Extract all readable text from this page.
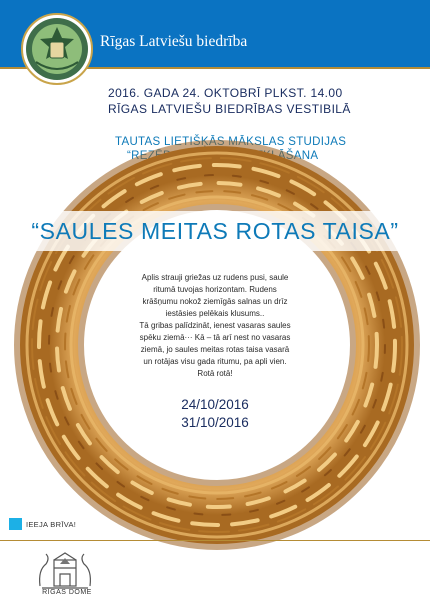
Rīgas Latviešu biedrība
2016. GADA 24. OKTOBRĪ PLKST. 14.00
RĪGAS LATVIEŠU BIEDRĪBAS VESTIBILĀ
TAUTAS LIETIŠĶĀS MĀKSLAS STUDIJAS
“REZĒDA” IZSTĀDES ATKLĀŠANA
“SAULES MEITAS ROTAS TAISA”
Aplis strauji griežas uz rudens pusi, saule
ritumā tuvojas horizontam. Rudens
krāšņumu nokož ziemīgās salnas un drīz
iestāsies pelēkais klusums..
Tā gribas palīdzināt, ienest vasaras saules
spēku ziemā··· Kā – tā arī nest no vasaras
ziemā, jo saules meitas rotas taisa vasarā
un rotājas visu gada ritumu, pa apli vien.
Rotā rotā!
24/10/2016
31/10/2016
IEEJA BRĪVA!
RĪGAS DOME
